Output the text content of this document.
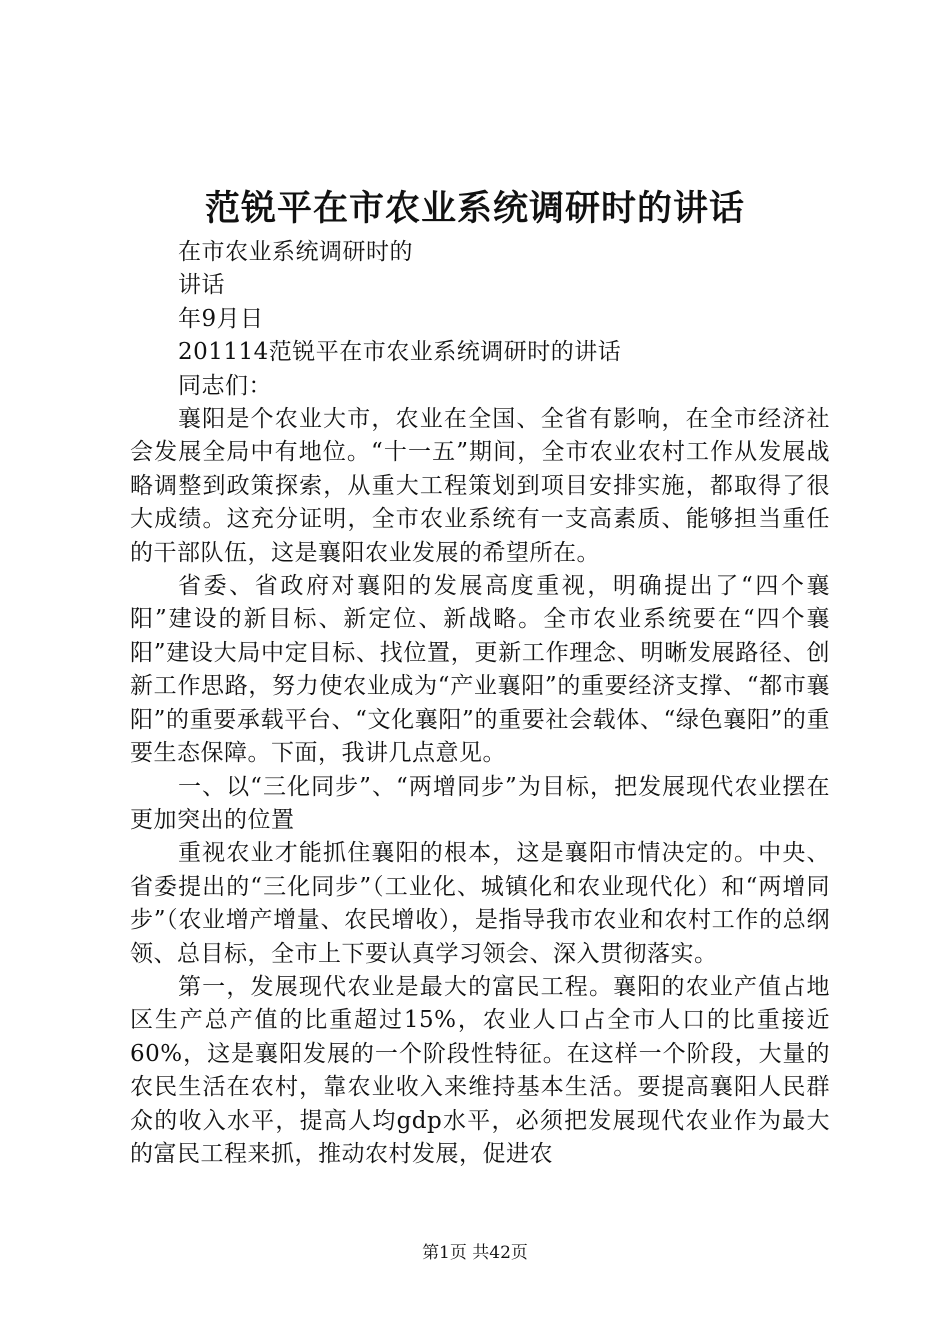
范锐平在市农业系统调研时的讲话

在市农业系统调研时的

讲话

年9月日

201114范锐平在市农业系统调研时的讲话

同志们：

襄阳是个农业大市，农业在全国、全省有影响，在全市经济社会发展全局中有地位。“十一五”期间，全市农业农村工作从发展战略调整到政策探索，从重大工程策划到项目安排实施，都取得了很大成绩。这充分证明，全市农业系统有一支高素质、能够担当重任的干部队伍，这是襄阳农业发展的希望所在。

省委、省政府对襄阳的发展高度重视，明确提出了“四个襄阳”建设的新目标、新定位、新战略。全市农业系统要在“四个襄阳”建设大局中定目标、找位置，更新工作理念、明晰发展路径、创新工作思路，努力使农业成为“产业襄阳”的重要经济支撑、“都市襄阳”的重要承载平台、“文化襄阳”的重要社会载体、“绿色襄阳”的重要生态保障。下面，我讲几点意见。

一、以“三化同步”、“两增同步”为目标，把发展现代农业摆在更加突出的位置

重视农业才能抓住襄阳的根本，这是襄阳市情决定的。中央、省委提出的“三化同步”（工业化、城镇化和农业现代化）和“两增同步”（农业增产增量、农民增收），是指导我市农业和农村工作的总纲领、总目标，全市上下要认真学习领会、深入贯彻落实。

第一，发展现代农业是最大的富民工程。襄阳的农业产值占地区生产总产值的比重超过15%，农业人口占全市人口的比重接近60%，这是襄阳发展的一个阶段性特征。在这样一个阶段，大量的农民生活在农村，靠农业收入来维持基本生活。要提高襄阳人民群众的收入水平，提高人均gdp水平，必须把发展现代农业作为最大的富民工程来抓，推动农村发展，促进农

第1页 共42页
